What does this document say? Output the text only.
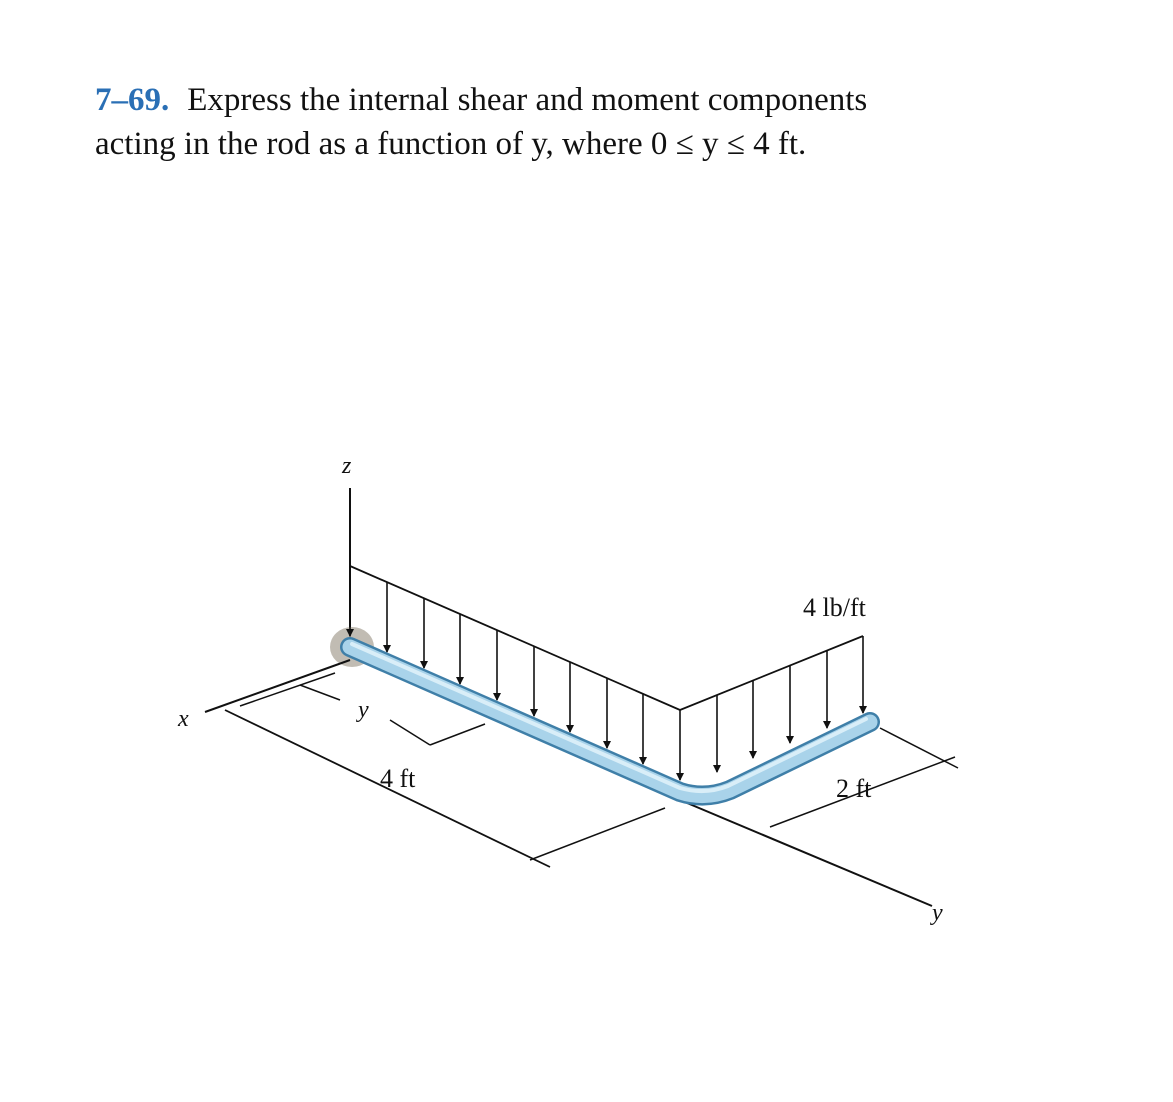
7–69. Express the internal shear and moment components
acting in the rod as a function of y, where 0 ≤ y ≤ 4 ft.
z
x
y
y
4 lb/ft
4 ft	2 ft
